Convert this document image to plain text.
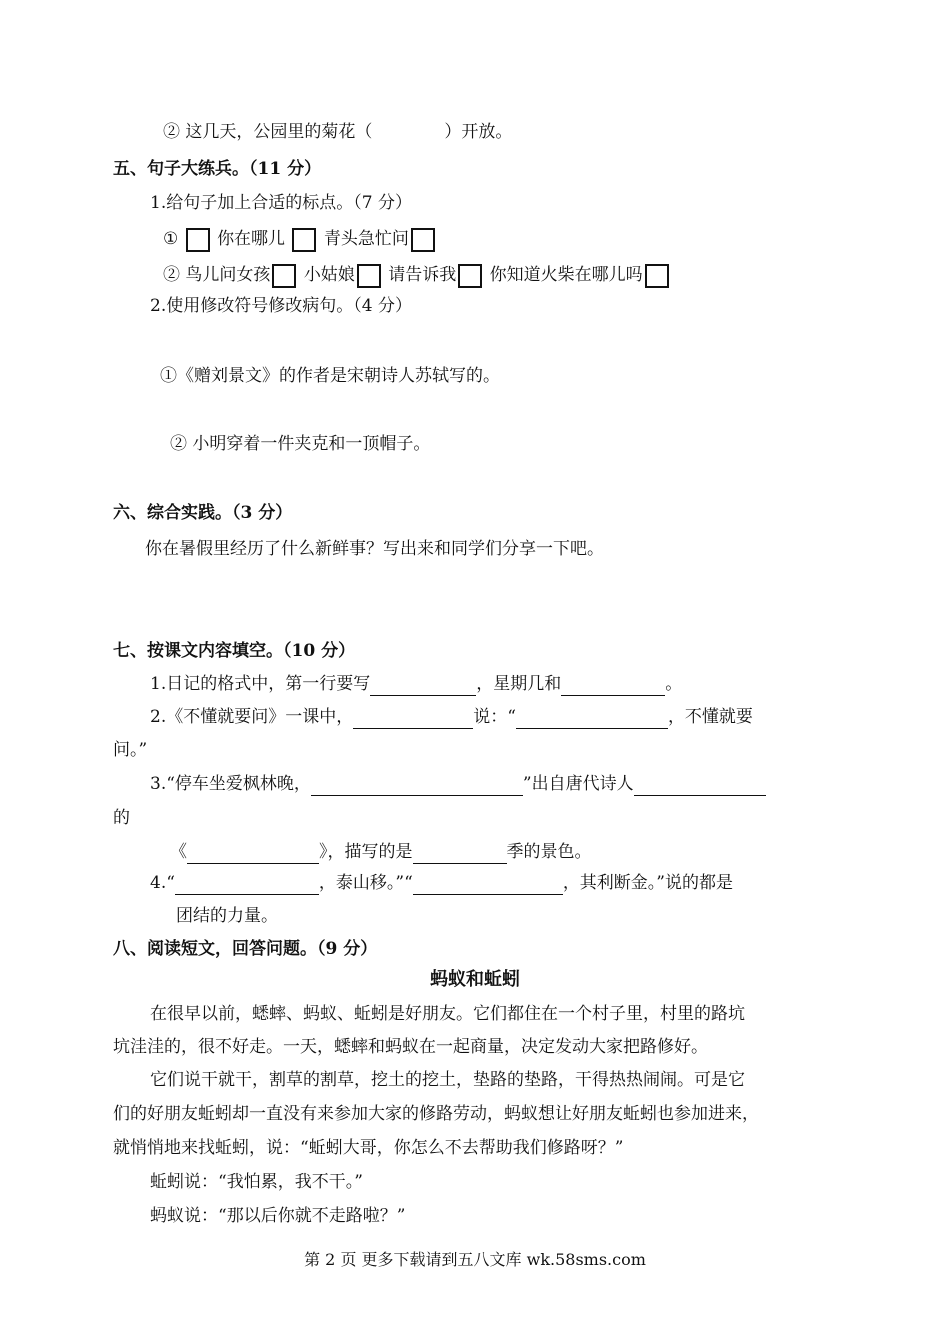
② 这几天，公园里的菊花（	）开放。
五、句子大练兵。（11 分）
1.给句子加上合适的标点。（7 分）
① 你在哪儿 青头急忙问
② 鸟儿问女孩 小姑娘 请告诉我 你知道火柴在哪儿吗
2.使用修改符号修改病句。（4 分）
①《赠刘景文》的作者是宋朝诗人苏轼写的。
② 小明穿着一件夹克和一顶帽子。
六、综合实践。（3 分）
你在暑假里经历了什么新鲜事？写出来和同学们分享一下吧。
七、按课文内容填空。（10 分）
1.日记的格式中，第一行要写	，星期几和	。
2.《不懂就要问》一课中，	说：“	，不懂就要
问。”
3.“停车坐爱枫林晚，	”出自唐代诗人
的
《	》，描写的是	季的景色。
4.“	，泰山移。”“	，其利断金。”说的都是
团结的力量。
八、阅读短文，回答问题。（9 分）
蚂蚁和蚯蚓
在很早以前，蟋蟀、蚂蚁、蚯蚓是好朋友。它们都住在一个村子里，村里的路坑
坑洼洼的，很不好走。一天，蟋蟀和蚂蚁在一起商量，决定发动大家把路修好。
它们说干就干，割草的割草，挖土的挖土，垫路的垫路，干得热热闹闹。可是它
们的好朋友蚯蚓却一直没有来参加大家的修路劳动，蚂蚁想让好朋友蚯蚓也参加进来，
就悄悄地来找蚯蚓，说：“蚯蚓大哥，你怎么不去帮助我们修路呀？”
蚯蚓说：“我怕累，我不干。”
蚂蚁说：“那以后你就不走路啦？”
第 2 页 更多下载请到五八文库 wk.58sms.com
